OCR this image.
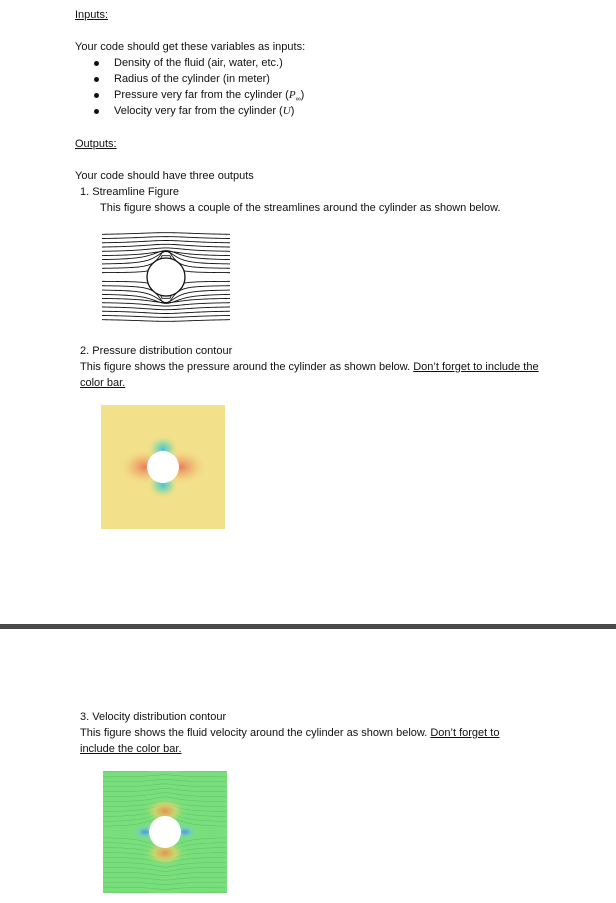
Inputs:
Your code should get these variables as inputs:
Density of the fluid (air, water, etc.)
Radius of the cylinder (in meter)
Pressure very far from the cylinder $(P_\infty)$
Velocity very far from the cylinder (U)
Outputs:
Your code should have three outputs
1. Streamline Figure
This figure shows a couple of the streamlines around the cylinder as shown below.
2. Pressure distribution contour
This figure shows the pressure around the cylinder as shown below. Don’t forget to include the
color bar.
3. Velocity distribution contour
This figure shows the fluid velocity around the cylinder as shown below. Don’t forget to
include the color bar.
